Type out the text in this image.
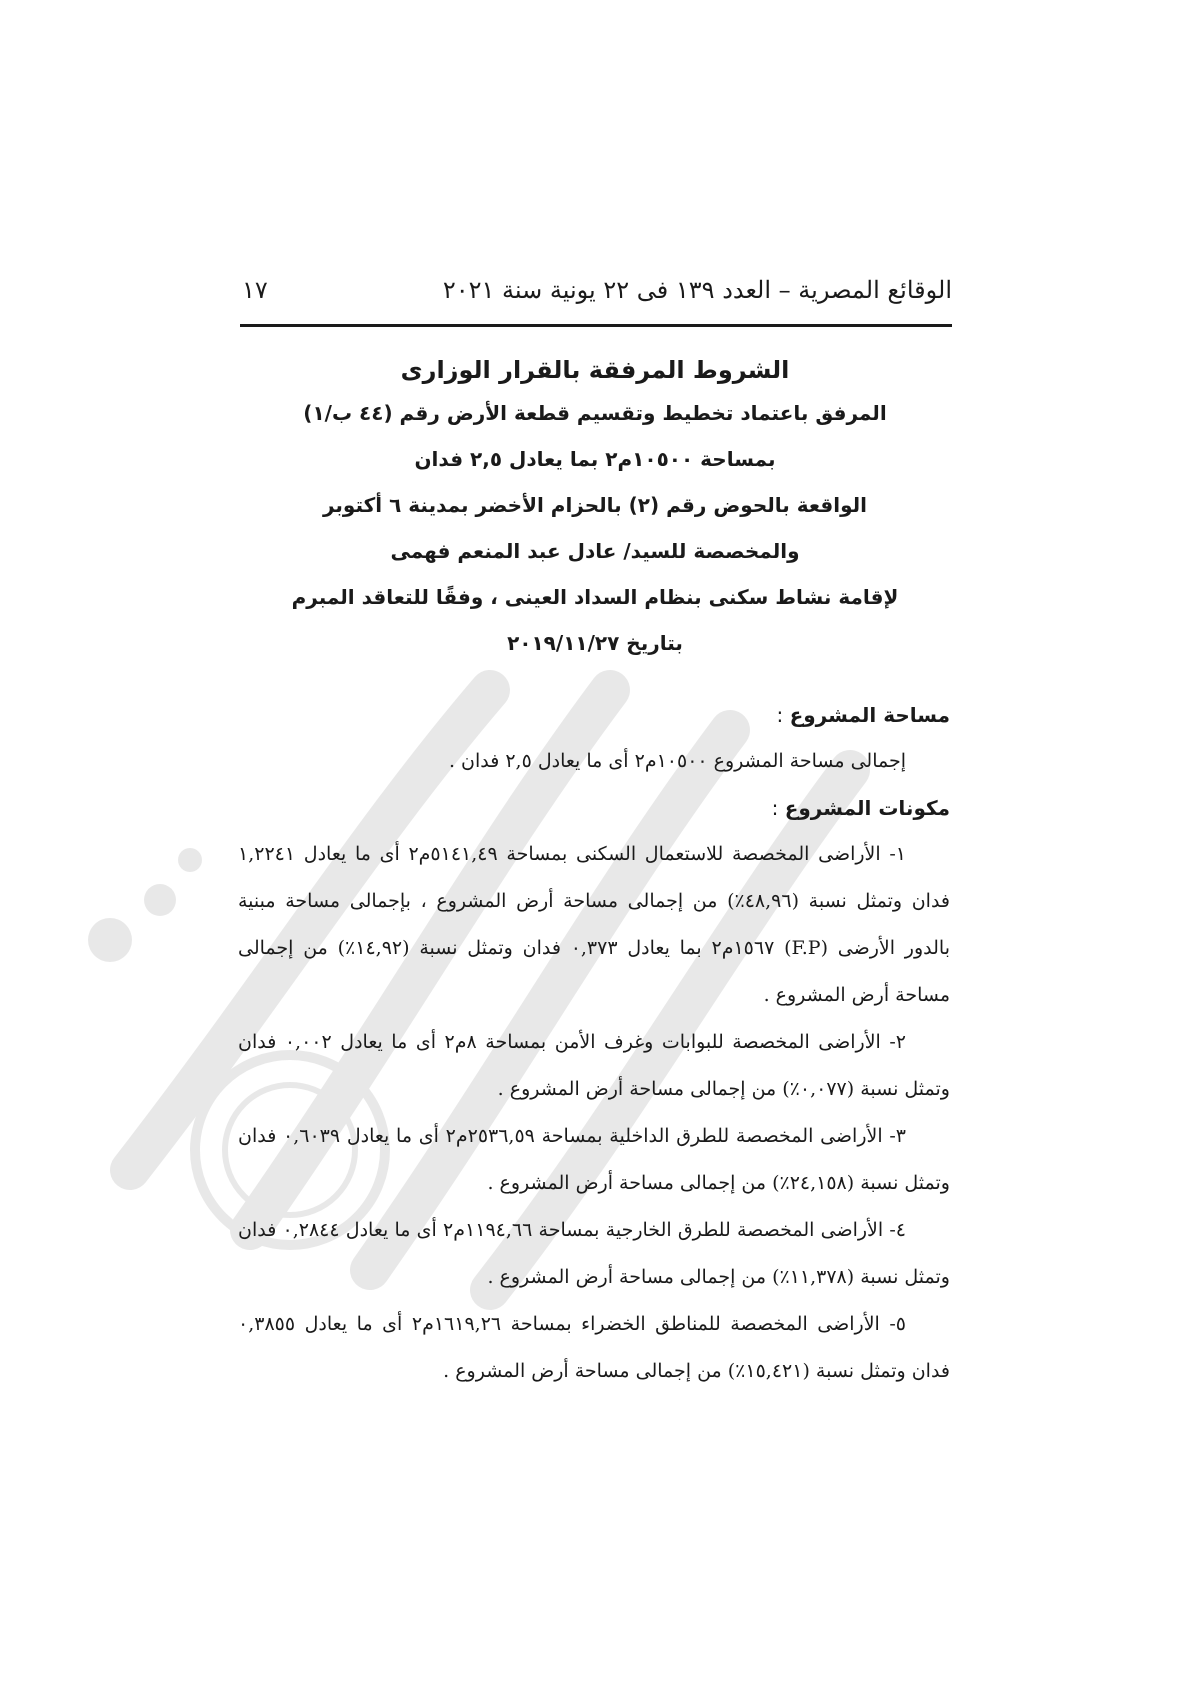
الوقائع المصرية – العدد ١٣٩ فى ٢٢ يونية سنة ٢٠٢١
١٧

الشروط المرفقة بالقرار الوزارى

المرفق باعتماد تخطيط وتقسيم قطعة الأرض رقم (٤٤ ب/١)

بمساحة ١٠٥٠٠م٢ بما يعادل ٢,٥ فدان

الواقعة بالحوض رقم (٢) بالحزام الأخضر بمدينة ٦ أكتوبر

والمخصصة للسيد/ عادل عبد المنعم فهمى

لإقامة نشاط سكنى بنظام السداد العينى ، وفقًا للتعاقد المبرم

بتاريخ ٢٠١٩/١١/٢٧

مساحة المشروع :

إجمالى مساحة المشروع ١٠٥٠٠م٢ أى ما يعادل ٢,٥ فدان .

مكونات المشروع :

١- الأراضى المخصصة للاستعمال السكنى بمساحة ٥١٤١,٤٩م٢ أى ما يعادل ١,٢٢٤١ فدان وتمثل نسبة (٤٨,٩٦٪) من إجمالى مساحة أرض المشروع ، بإجمالى مساحة مبنية بالدور الأرضى (F.P) ١٥٦٧م٢ بما يعادل ٠,٣٧٣ فدان وتمثل نسبة (١٤,٩٢٪) من إجمالى مساحة أرض المشروع .

٢- الأراضى المخصصة للبوابات وغرف الأمن بمساحة ٨م٢ أى ما يعادل ٠,٠٠٢ فدان وتمثل نسبة (٠,٠٧٧٪) من إجمالى مساحة أرض المشروع .

٣- الأراضى المخصصة للطرق الداخلية بمساحة ٢٥٣٦,٥٩م٢ أى ما يعادل ٠,٦٠٣٩ فدان وتمثل نسبة (٢٤,١٥٨٪) من إجمالى مساحة أرض المشروع .

٤- الأراضى المخصصة للطرق الخارجية بمساحة ١١٩٤,٦٦م٢ أى ما يعادل ٠,٢٨٤٤ فدان وتمثل نسبة (١١,٣٧٨٪) من إجمالى مساحة أرض المشروع .

٥- الأراضى المخصصة للمناطق الخضراء بمساحة ١٦١٩,٢٦م٢ أى ما يعادل ٠,٣٨٥٥ فدان وتمثل نسبة (١٥,٤٢١٪) من إجمالى مساحة أرض المشروع .
